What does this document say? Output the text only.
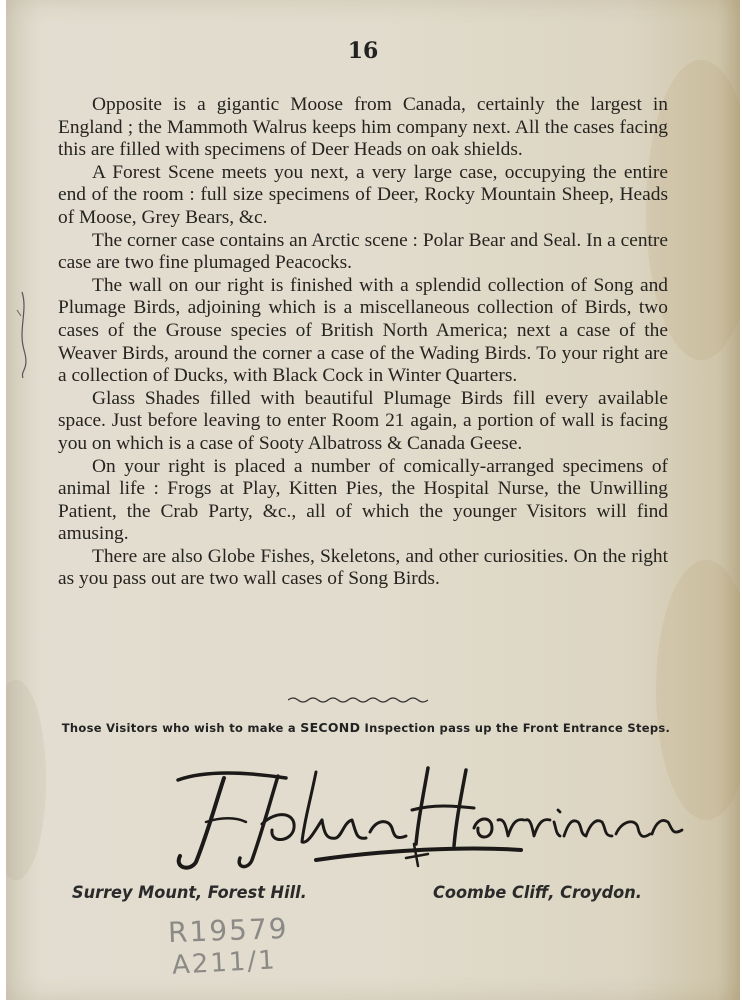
16

Opposite is a gigantic Moose from Canada, certainly the largest in England ; the Mammoth Walrus keeps him company next. All the cases facing this are filled with specimens of Deer Heads on oak shields.

A Forest Scene meets you next, a very large case, occupying the entire end of the room : full size specimens of Deer, Rocky Mountain Sheep, Heads of Moose, Grey Bears, &c.

The corner case contains an Arctic scene : Polar Bear and Seal. In a centre case are two fine plumaged Peacocks.

The wall on our right is finished with a splendid collection of Song and Plumage Birds, adjoining which is a miscellaneous collection of Birds, two cases of the Grouse species of British North America; next a case of the Weaver Birds, around the corner a case of the Wading Birds. To your right are a collection of Ducks, with Black Cock in Winter Quarters.

Glass Shades filled with beautiful Plumage Birds fill every available space. Just before leaving to enter Room 21 again, a portion of wall is facing you on which is a case of Sooty Albatross & Canada Geese.

On your right is placed a number of comically-arranged specimens of animal life : Frogs at Play, Kitten Pies, the Hospital Nurse, the Unwilling Patient, the Crab Party, &c., all of which the younger Visitors will find amusing.

There are also Globe Fishes, Skeletons, and other curiosities. On the right as you pass out are two wall cases of Song Birds.

Those Visitors who wish to make a SECOND Inspection pass up the Front Entrance Steps.
Surrey Mount, Forest Hill.	Coombe Cliff, Croydon.
R19579
A211/1
